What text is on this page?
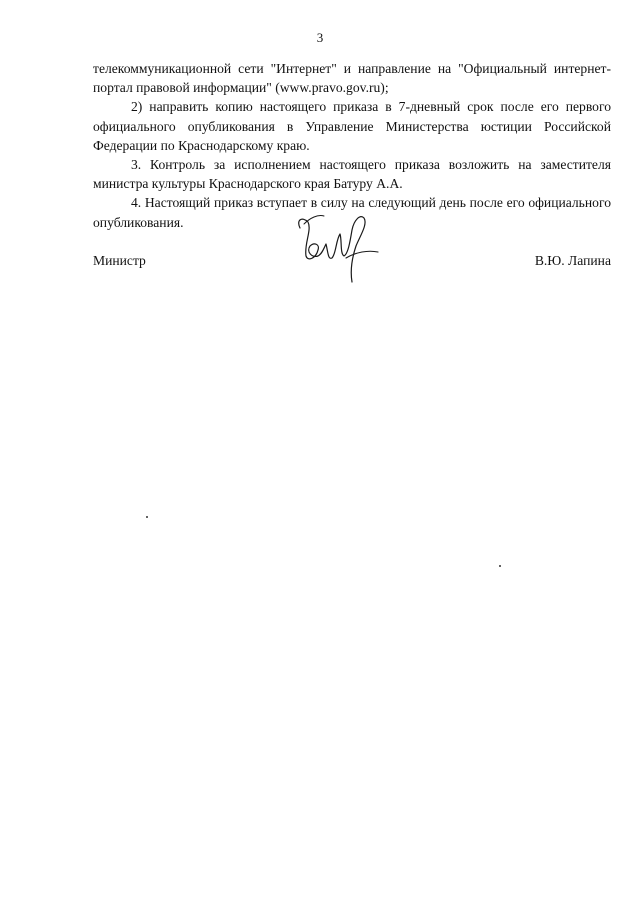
3

телекоммуникационной сети "Интернет" и направление на "Официальный интернет-портал правовой информации" (www.pravo.gov.ru);

2) направить копию настоящего приказа в 7-дневный срок после его первого официального опубликования в Управление Министерства юстиции Российской Федерации по Краснодарскому краю.

3. Контроль за исполнением настоящего приказа возложить на заместителя министра культуры Краснодарского края Батуру А.А.

4. Настоящий приказ вступает в силу на следующий день после его официального опубликования.

Министр	В.Ю. Лапина
